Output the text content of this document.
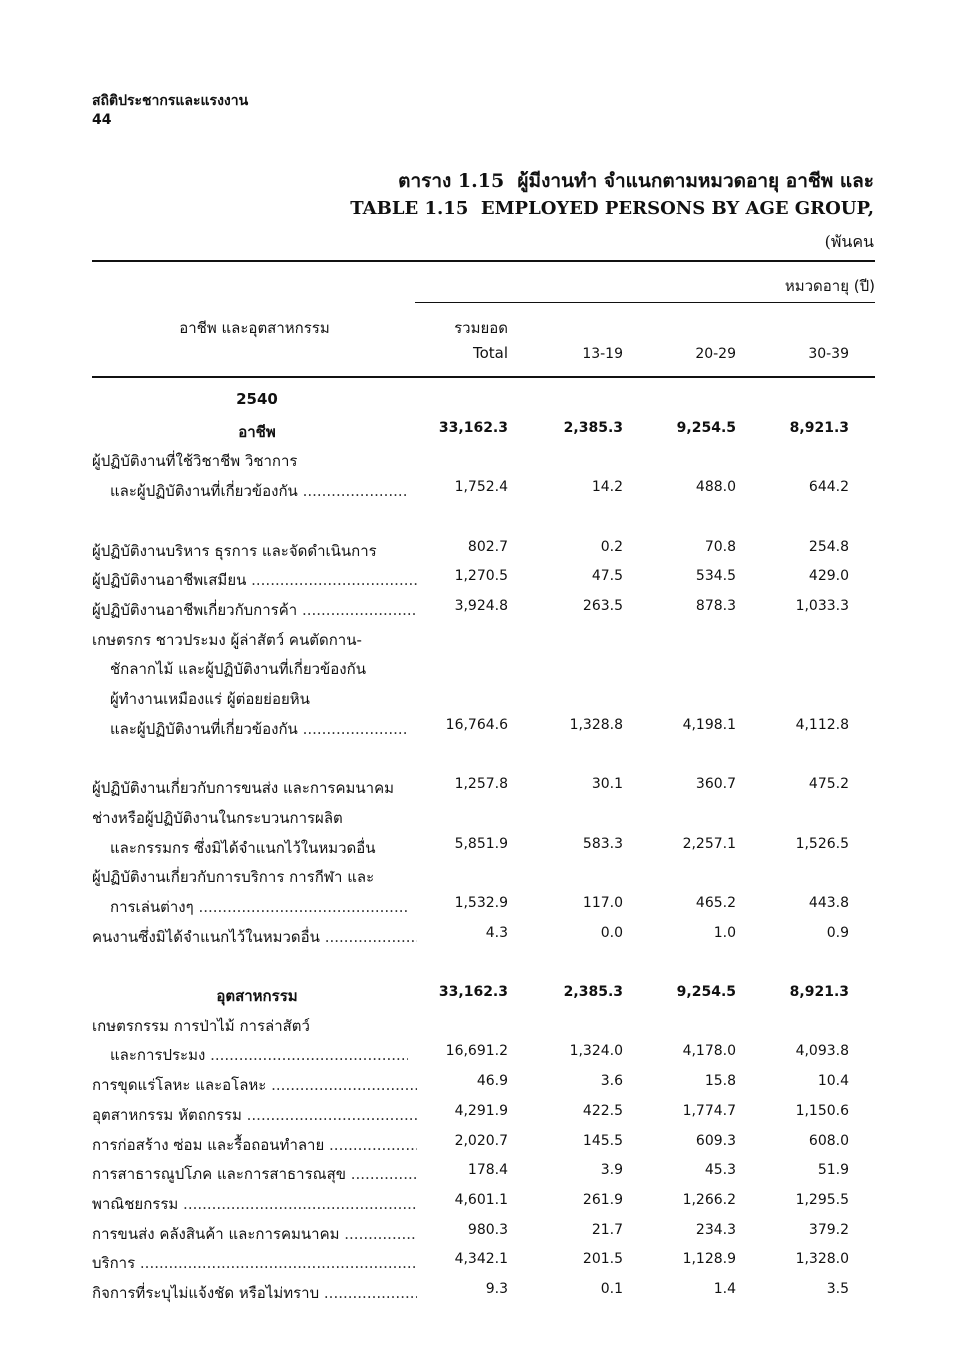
สถิติประชากรและแรงงาน
44
ตาราง 1.15 ผู้มีงานทำ จำแนกตามหมวดอายุ อาชีพ และ
TABLE 1.15 EMPLOYED PERSONS BY AGE GROUP,
(พันคน
หมวดอายุ (ปี)
อาชีพ และอุตสาหกรรม	รวมยอด
Total	13-19	20-29	30-39
2540
อาชีพ	33,162.3	2,385.3	9,254.5	8,921.3
ผู้ปฏิบัติงานที่ใช้วิชาชีพ วิชาการ
และผู้ปฏิบัติงานที่เกี่ยวข้องกัน .....	1,752.4	14.2	488.0	644.2
ผู้ปฏิบัติงานบริหาร ธุรการ และจัดดำเนินการ	802.7	0.2	70.8	254.8
ผู้ปฏิบัติงานอาชีพเสมียน .....	1,270.5	47.5	534.5	429.0
ผู้ปฏิบัติงานอาชีพเกี่ยวกับการค้า .....	3,924.8	263.5	878.3	1,033.3
เกษตรกร ชาวประมง ผู้ล่าสัตว์ คนตัดกาน-
ชักลากไม้ และผู้ปฏิบัติงานที่เกี่ยวข้องกัน
ผู้ทำงานเหมืองแร่ ผู้ต่อยย่อยหิน
และผู้ปฏิบัติงานที่เกี่ยวข้องกัน .....	16,764.6	1,328.8	4,198.1	4,112.8
ผู้ปฏิบัติงานเกี่ยวกับการขนส่ง และการคมนาคม	1,257.8	30.1	360.7	475.2
ช่างหรือผู้ปฏิบัติงานในกระบวนการผลิต
และกรรมกร ซึ่งมิได้จำแนกไว้ในหมวดอื่น	5,851.9	583.3	2,257.1	1,526.5
ผู้ปฏิบัติงานเกี่ยวกับการบริการ การกีฬา และ
การเล่นต่างๆ .....	1,532.9	117.0	465.2	443.8
คนงานซึ่งมิได้จำแนกไว้ในหมวดอื่น .....	4.3	0.0	1.0	0.9
อุตสาหกรรม	33,162.3	2,385.3	9,254.5	8,921.3
เกษตรกรรม การป่าไม้ การล่าสัตว์
และการประมง .....	16,691.2	1,324.0	4,178.0	4,093.8
การขุดแร่โลหะ และอโลหะ .....	46.9	3.6	15.8	10.4
อุตสาหกรรม หัตถกรรม .....	4,291.9	422.5	1,774.7	1,150.6
การก่อสร้าง ซ่อม และรื้อถอนทำลาย .....	2,020.7	145.5	609.3	608.0
การสาธารณูปโภค และการสาธารณสุข .....	178.4	3.9	45.3	51.9
พาณิชยกรรม .....	4,601.1	261.9	1,266.2	1,295.5
การขนส่ง คลังสินค้า และการคมนาคม .....	980.3	21.7	234.3	379.2
บริการ .....	4,342.1	201.5	1,128.9	1,328.0
กิจการที่ระบุไม่แจ้งชัด หรือไม่ทราบ .....	9.3	0.1	1.4	3.5
